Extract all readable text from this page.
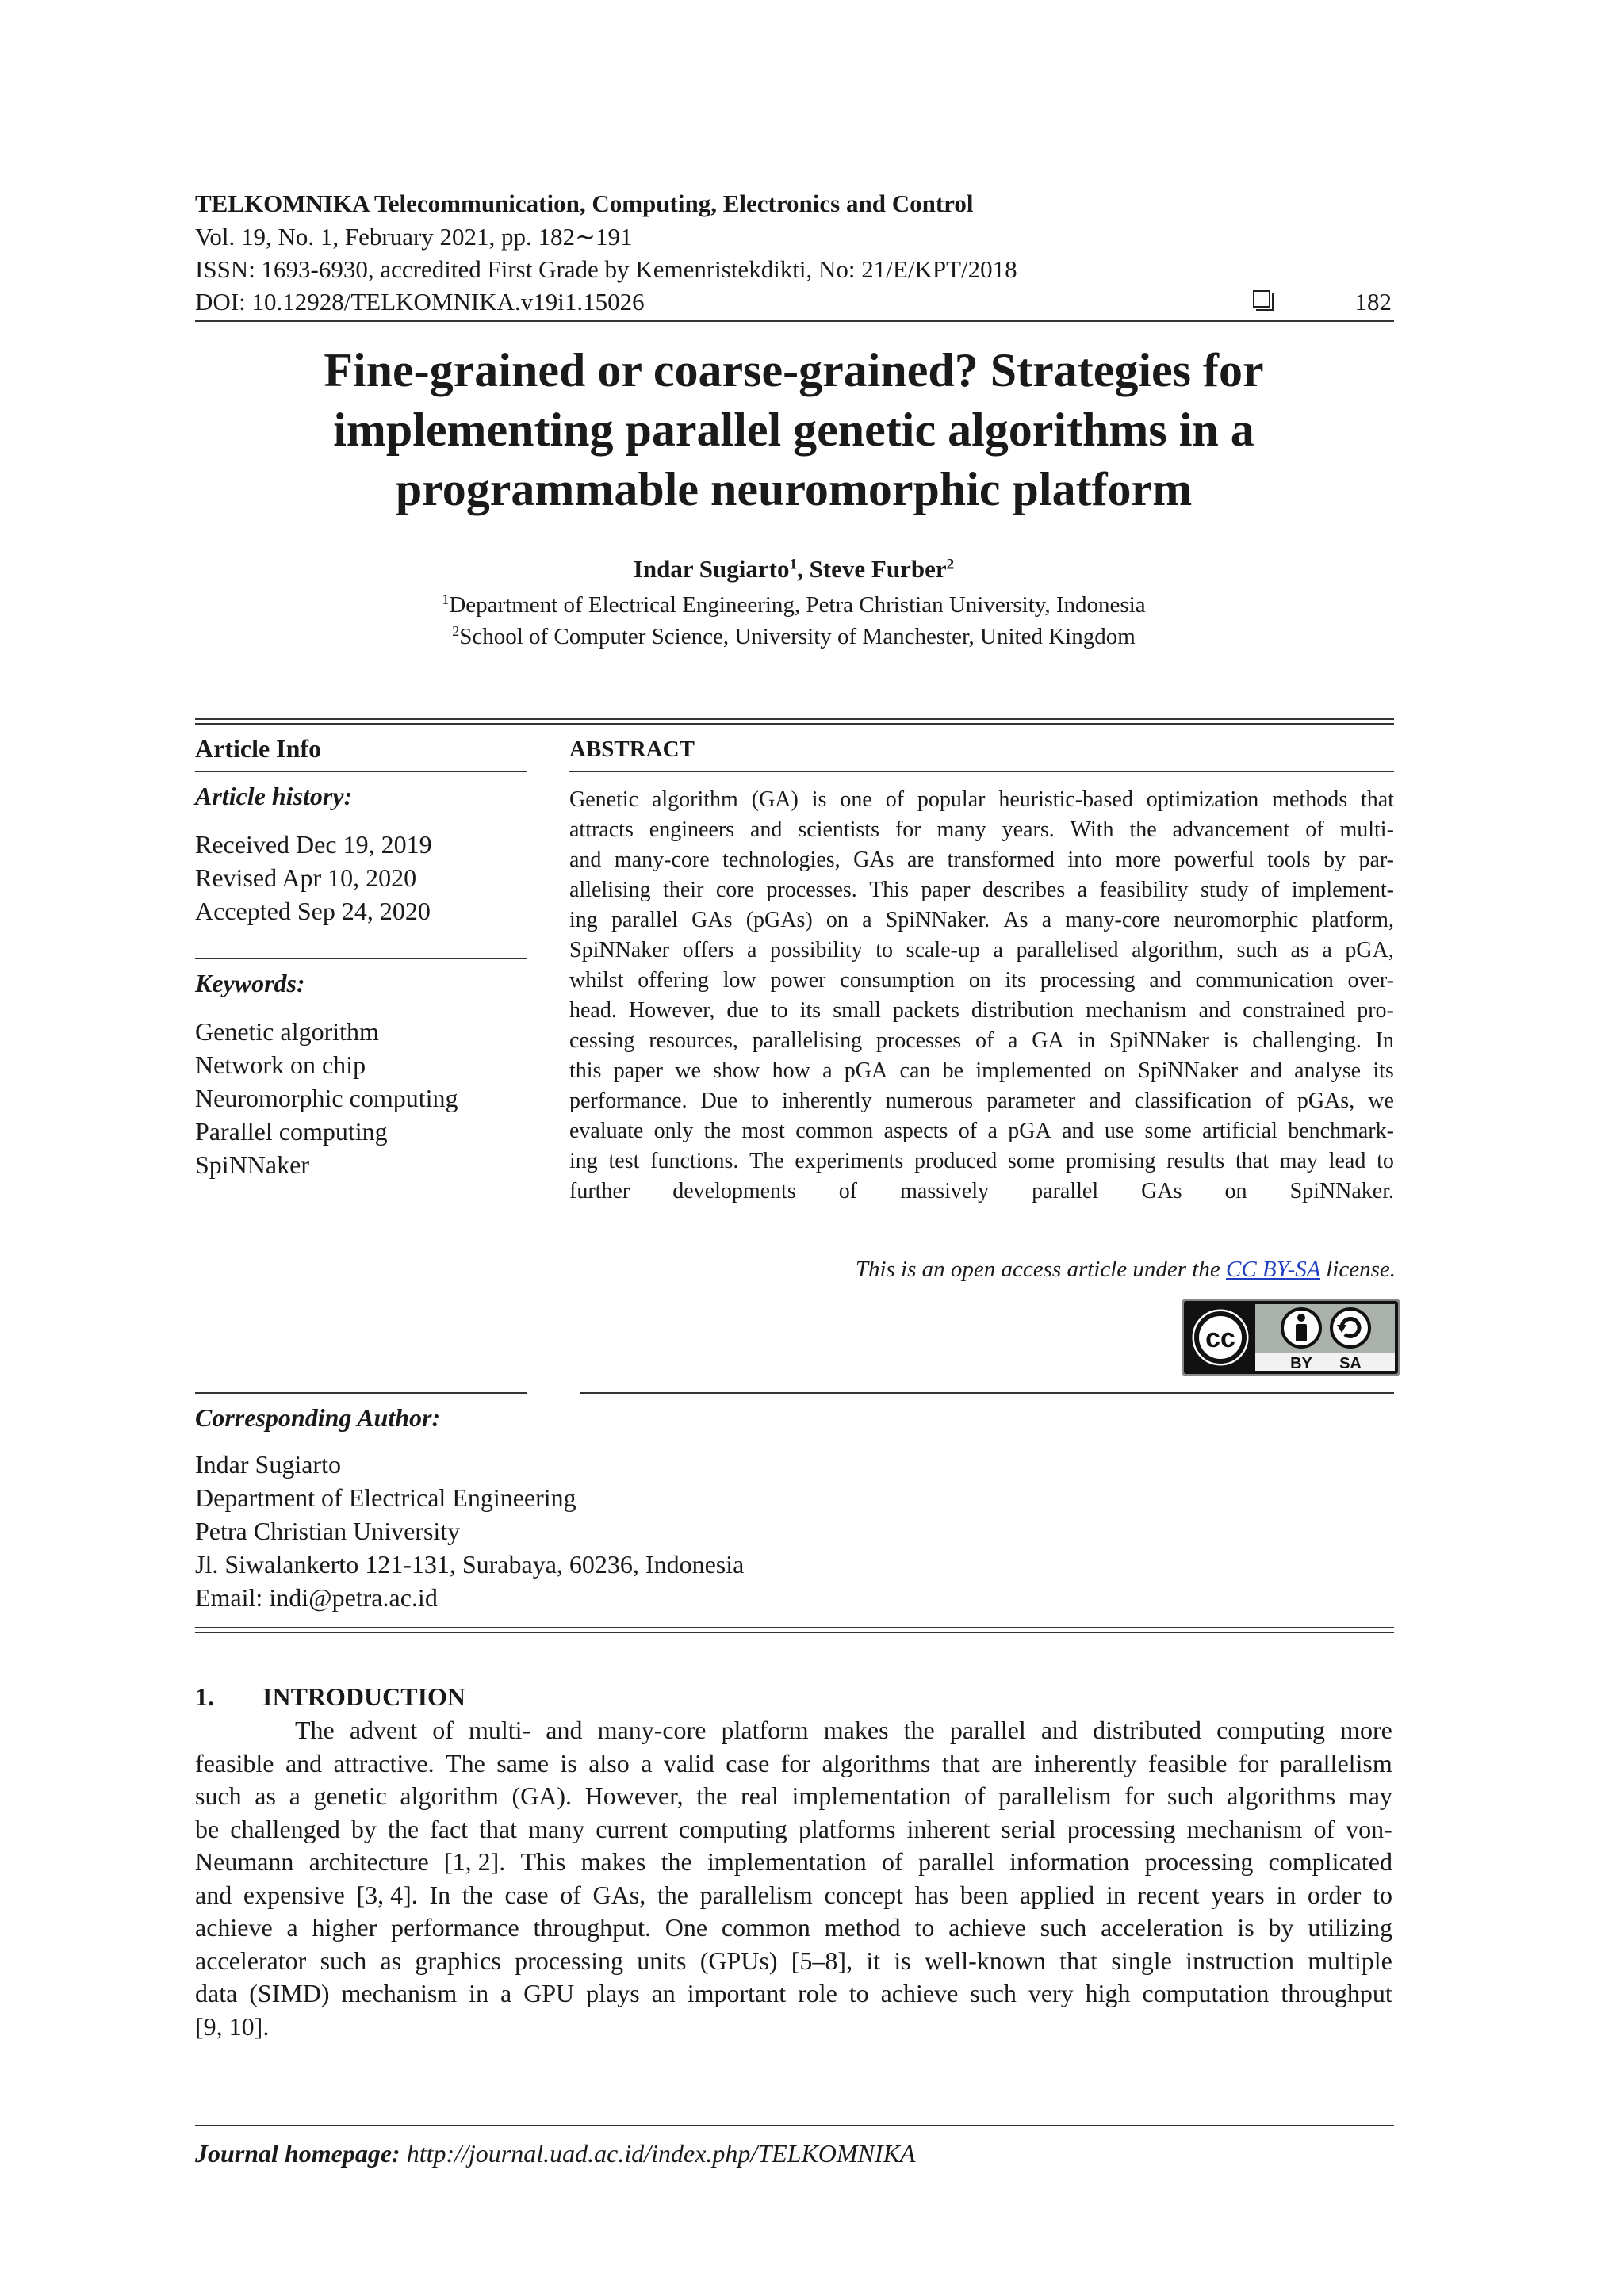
TELKOMNIKA Telecommunication, Computing, Electronics and Control
Vol. 19, No. 1, February 2021, pp. 182∼191
ISSN: 1693-6930, accredited First Grade by Kemenristekdikti, No: 21/E/KPT/2018
DOI: 10.12928/TELKOMNIKA.v19i1.15026	182
Fine-grained or coarse-grained? Strategies for
implementing parallel genetic algorithms in a
programmable neuromorphic platform
Indar Sugiarto$^1$, Steve Furber$^2$
$^1$Department of Electrical Engineering, Petra Christian University, Indonesia
$^2$School of Computer Science, University of Manchester, United Kingdom
Article Info
Article history:
Received Dec 19, 2019
Revised Apr 10, 2020
Accepted Sep 24, 2020
Keywords:
Genetic algorithm
Network on chip
Neuromorphic computing
Parallel computing
SpiNNaker
ABSTRACT
Genetic algorithm (GA) is one of popular heuristic-based optimization methods that
attracts engineers and scientists for many years. With the advancement of multi-
and many-core technologies, GAs are transformed into more powerful tools by par-
allelising their core processes. This paper describes a feasibility study of implement-
ing parallel GAs (pGAs) on a SpiNNaker. As a many-core neuromorphic platform,
SpiNNaker offers a possibility to scale-up a parallelised algorithm, such as a pGA,
whilst offering low power consumption on its processing and communication over-
head. However, due to its small packets distribution mechanism and constrained pro-
cessing resources, parallelising processes of a GA in SpiNNaker is challenging. In
this paper we show how a pGA can be implemented on SpiNNaker and analyse its
performance. Due to inherently numerous parameter and classification of pGAs, we
evaluate only the most common aspects of a pGA and use some artificial benchmark-
ing test functions. The experiments produced some promising results that may lead to
further developments of massively parallel GAs on SpiNNaker.
This is an open access article under the CC BY-SA license.
cc
BY SA
Corresponding Author:
Indar Sugiarto
Department of Electrical Engineering
Petra Christian University
Jl. Siwalankerto 121-131, Surabaya, 60236, Indonesia
Email: indi@petra.ac.id
1. INTRODUCTION
The advent of multi- and many-core platform makes the parallel and distributed computing more
feasible and attractive. The same is also a valid case for algorithms that are inherently feasible for parallelism
such as a genetic algorithm (GA). However, the real implementation of parallelism for such algorithms may
be challenged by the fact that many current computing platforms inherent serial processing mechanism of von-
Neumann architecture [1, 2]. This makes the implementation of parallel information processing complicated
and expensive [3, 4]. In the case of GAs, the parallelism concept has been applied in recent years in order to
achieve a higher performance throughput. One common method to achieve such acceleration is by utilizing
accelerator such as graphics processing units (GPUs) [5–8], it is well-known that single instruction multiple
data (SIMD) mechanism in a GPU plays an important role to achieve such very high computation throughput
[9, 10].
Journal homepage: http://journal.uad.ac.id/index.php/TELKOMNIKA
